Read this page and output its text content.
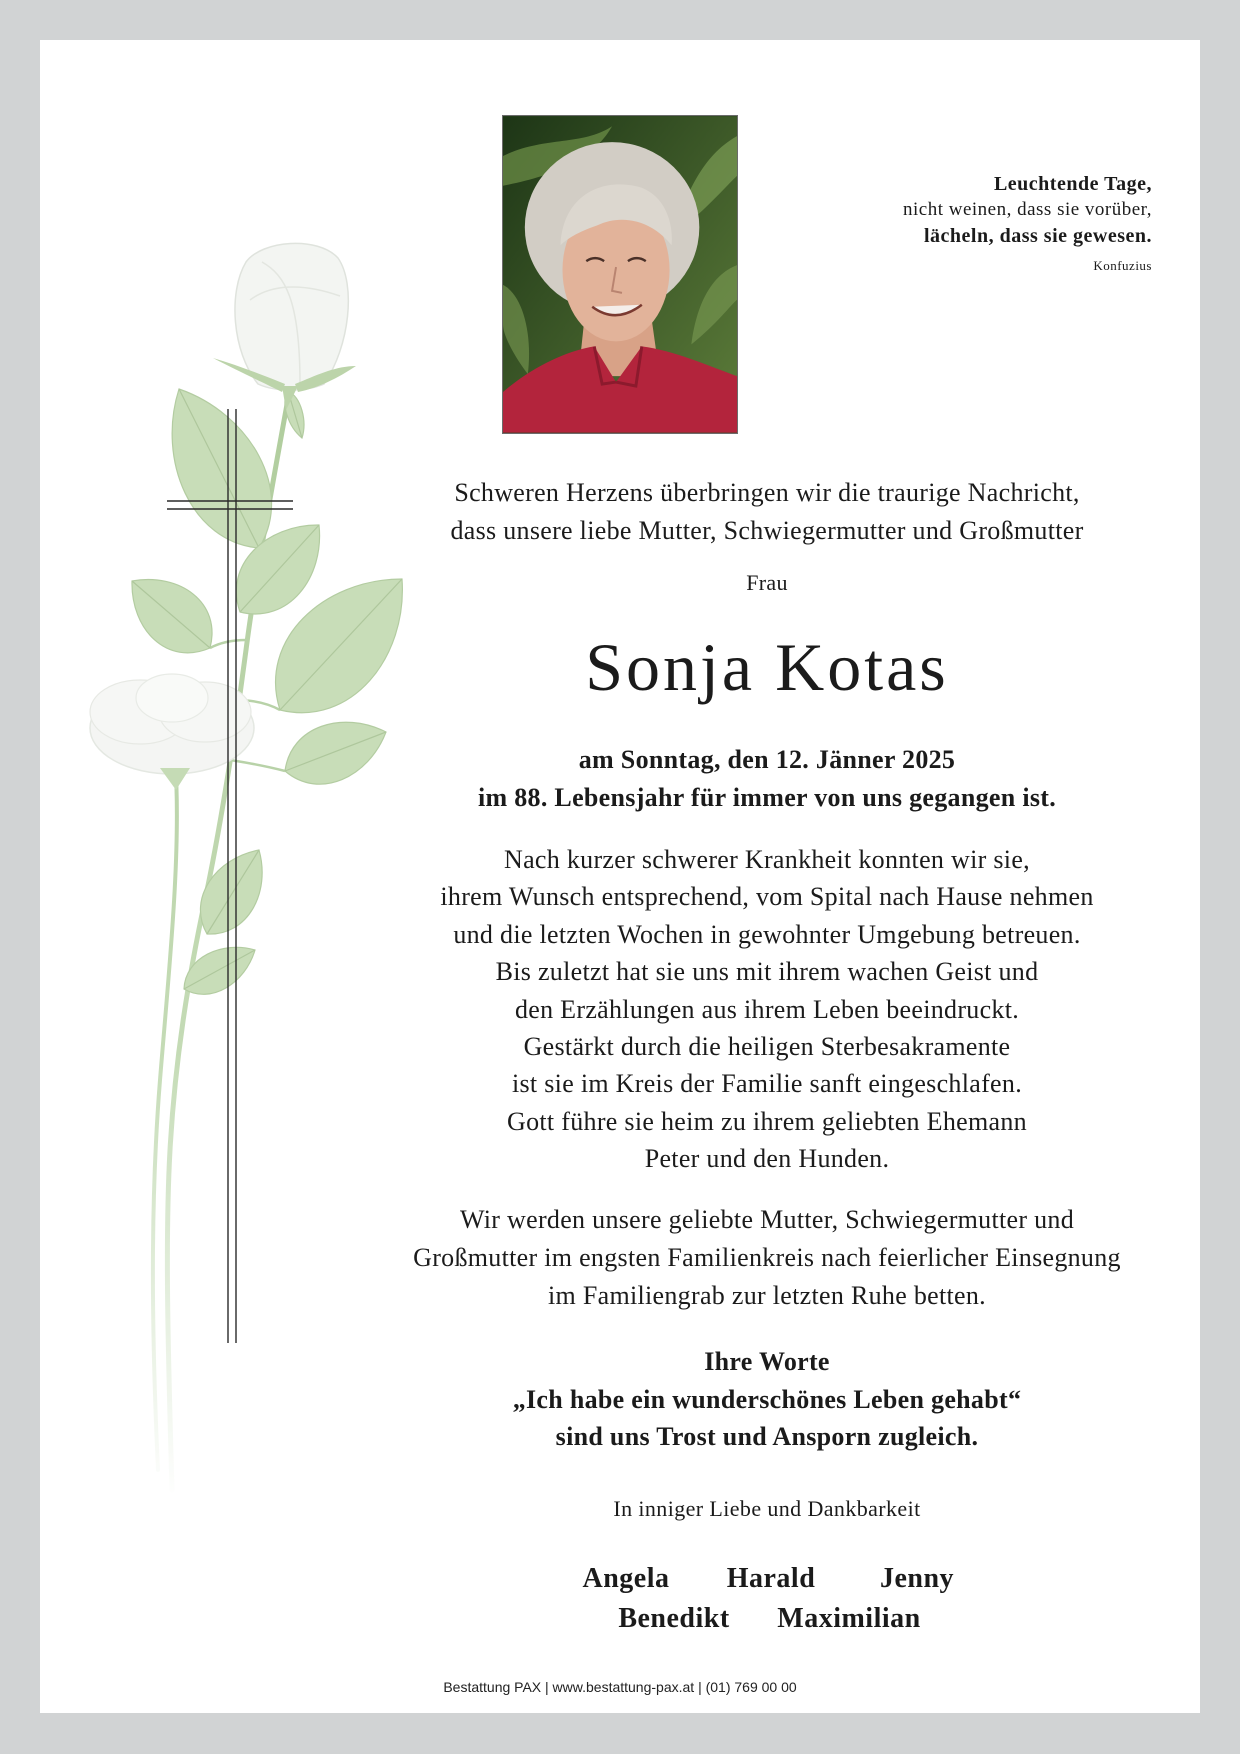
Leuchtende Tage,
nicht weinen, dass sie vorüber,
lächeln, dass sie gewesen.
Konfuzius
Schweren Herzens überbringen wir die traurige Nachricht,
dass unsere liebe Mutter, Schwiegermutter und Großmutter
Frau
Sonja Kotas
am Sonntag, den 12. Jänner 2025
im 88. Lebensjahr für immer von uns gegangen ist.
Nach kurzer schwerer Krankheit konnten wir sie,
ihrem Wunsch entsprechend, vom Spital nach Hause nehmen
und die letzten Wochen in gewohnter Umgebung betreuen.
Bis zuletzt hat sie uns mit ihrem wachen Geist und
den Erzählungen aus ihrem Leben beeindruckt.
Gestärkt durch die heiligen Sterbesakramente
ist sie im Kreis der Familie sanft eingeschlafen.
Gott führe sie heim zu ihrem geliebten Ehemann
Peter und den Hunden.
Wir werden unsere geliebte Mutter, Schwiegermutter und
Großmutter im engsten Familienkreis nach feierlicher Einsegnung
im Familiengrab zur letzten Ruhe betten.
Ihre Worte
„Ich habe ein wunderschönes Leben gehabt“
sind uns Trost und Ansporn zugleich.
In inniger Liebe und Dankbarkeit
Angela	Harald	Jenny
Benedikt	Maximilian
Bestattung PAX | www.bestattung-pax.at | (01) 769 00 00
